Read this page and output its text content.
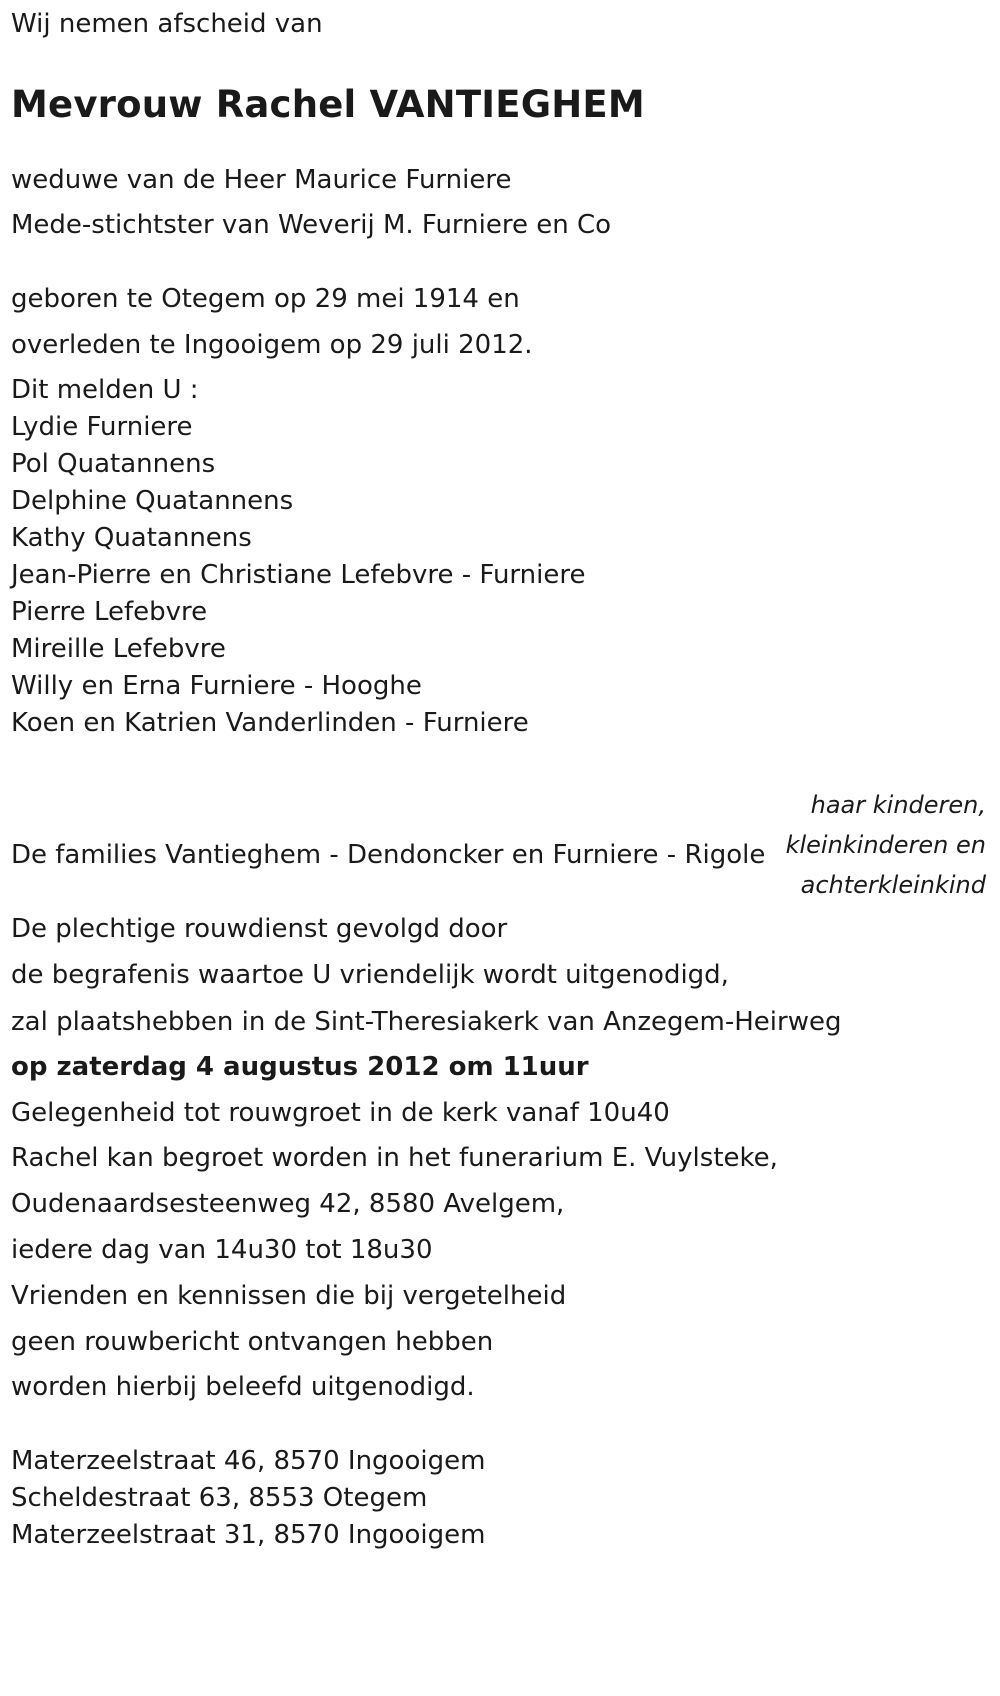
Wij nemen afscheid van
Mevrouw Rachel VANTIEGHEM
weduwe van de Heer Maurice Furniere
Mede-stichtster van Weverij M. Furniere en Co
geboren te Otegem op 29 mei 1914 en
overleden te Ingooigem op 29 juli 2012.
Dit melden U :
Lydie Furniere
Pol Quatannens
Delphine Quatannens
Kathy Quatannens
Jean-Pierre en Christiane Lefebvre - Furniere
Pierre Lefebvre
Mireille Lefebvre
Willy en Erna Furniere - Hooghe
Koen en Katrien Vanderlinden - Furniere
haar kinderen,
kleinkinderen en
achterkleinkind
De families Vantieghem - Dendoncker en Furniere - Rigole
De plechtige rouwdienst gevolgd door
de begrafenis waartoe U vriendelijk wordt uitgenodigd,
zal plaatshebben in de Sint-Theresiakerk van Anzegem-Heirweg
op zaterdag 4 augustus 2012 om 11uur
Gelegenheid tot rouwgroet in de kerk vanaf 10u40
Rachel kan begroet worden in het funerarium E. Vuylsteke,
Oudenaardsesteenweg 42, 8580 Avelgem,
iedere dag van 14u30 tot 18u30
Vrienden en kennissen die bij vergetelheid
geen rouwbericht ontvangen hebben
worden hierbij beleefd uitgenodigd.
Materzeelstraat 46, 8570 Ingooigem
Scheldestraat 63, 8553 Otegem
Materzeelstraat 31, 8570 Ingooigem
